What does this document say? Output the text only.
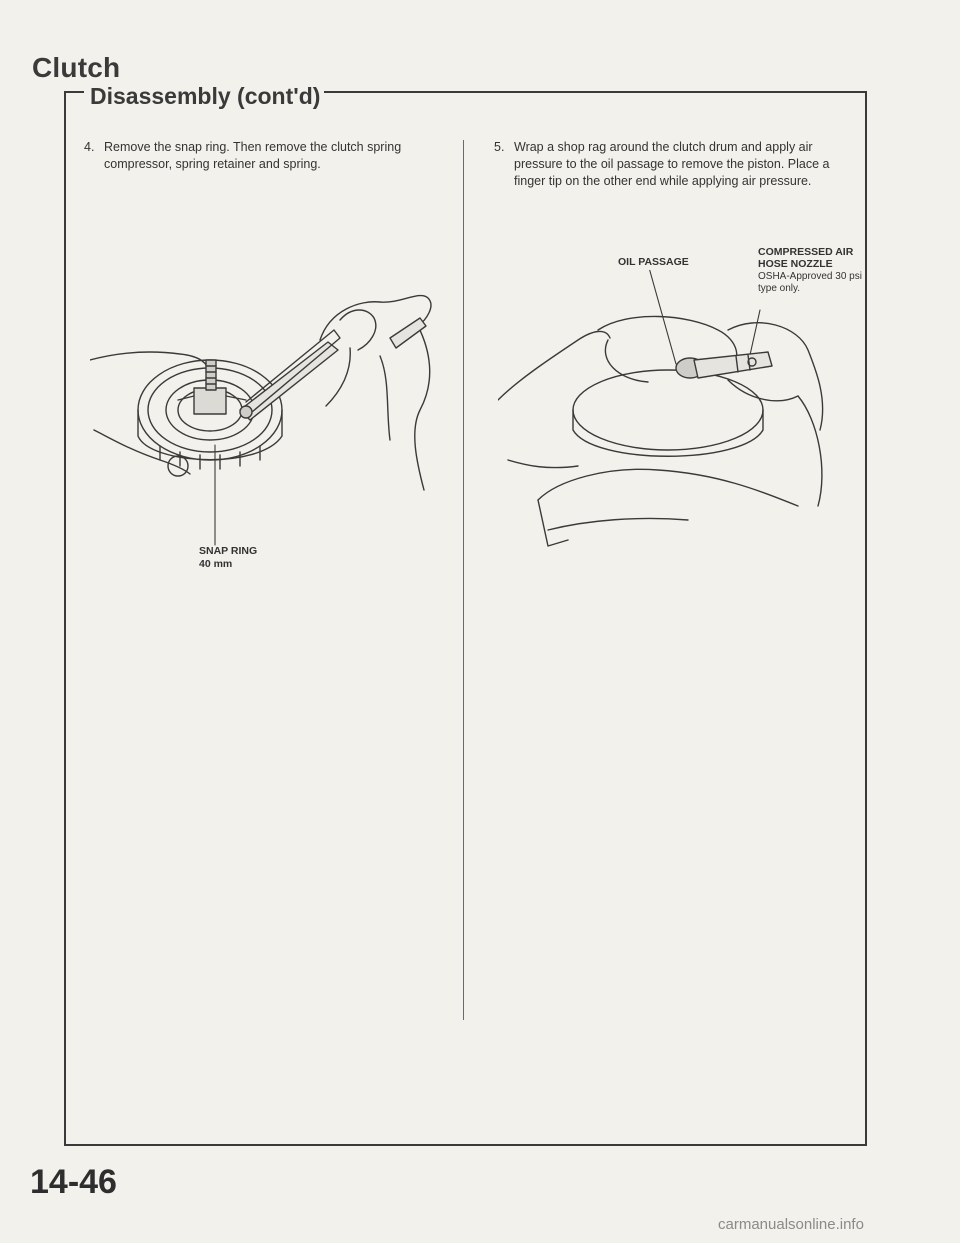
Clutch
Disassembly (cont'd)
4. Remove the snap ring. Then remove the clutch spring compressor, spring retainer and spring.
5. Wrap a shop rag around the clutch drum and apply air pressure to the oil passage to remove the piston. Place a finger tip on the other end while applying air pressure.
SNAP RING
40 mm
OIL PASSAGE
COMPRESSED AIR HOSE NOZZLE
OSHA-Approved 30 psi type only.
14-46
carmanualsonline.info
